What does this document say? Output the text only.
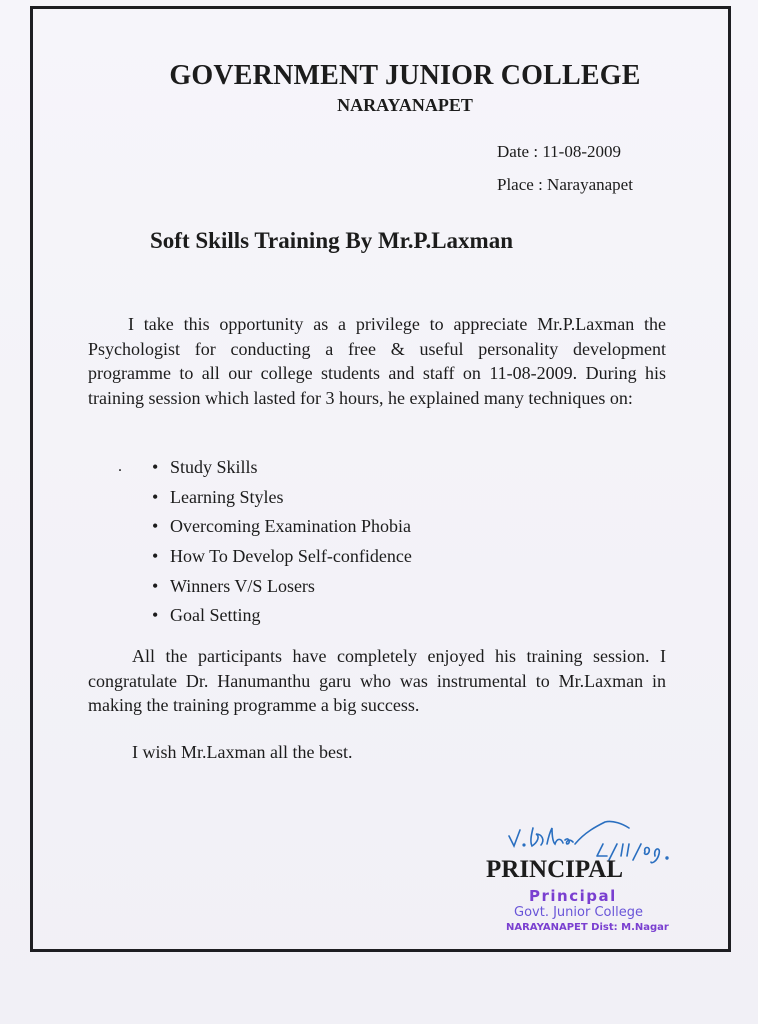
GOVERNMENT JUNIOR COLLEGE
NARAYANAPET
Date : 11-08-2009
Place : Narayanapet
Soft Skills Training By Mr.P.Laxman
I take this opportunity as a privilege to appreciate Mr.P.Laxman the Psychologist for conducting a free & useful personality development programme to all our college students and staff on 11-08-2009. During his training session which lasted for 3 hours, he explained many techniques on:
. • Study Skills
• Learning Styles
• Overcoming Examination Phobia
• How To Develop Self-confidence
• Winners V/S Losers
• Goal Setting
All the participants have completely enjoyed his training session. I congratulate Dr. Hanumanthu garu who was instrumental to Mr.Laxman in making the training programme a big success.
I wish Mr.Laxman all the best.
PRINCIPAL
Principal
Govt. Junior College
NARAYANAPET Dist: M.Nagar
